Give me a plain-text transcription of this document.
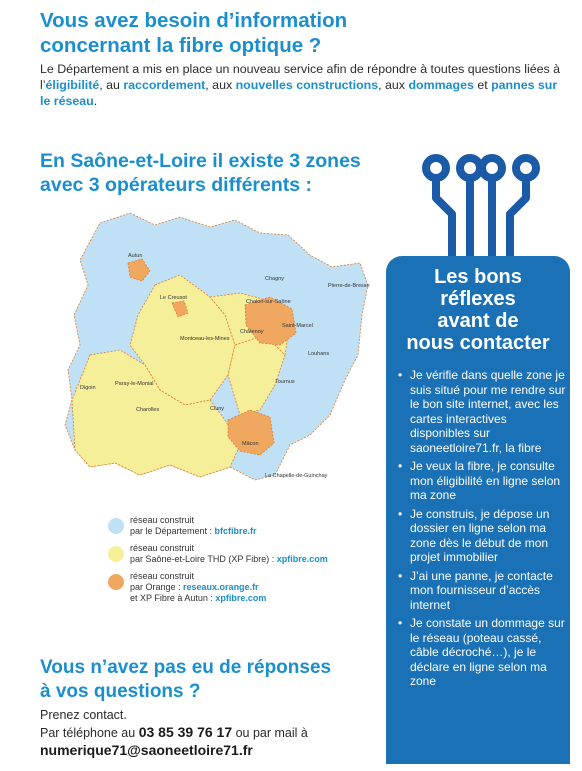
Vous avez besoin d’information
concernant la fibre optique ?

Le Département a mis en place un nouveau service afin de répondre à toutes questions liées à l’éligibilité, au raccordement, aux nouvelles constructions, aux dommages et pannes sur le réseau.

En Saône-et-Loire il existe 3 zones
avec 3 opérateurs différents :
Autun
Chalon-sur-Saône
Charolles
Louhans
Mâcon
Montceau-les-Mines
Paray-le-Monial
Digoin
Tournus
Cluny
Chagny
Le Creusot
Saint-Marcel
La Chapelle-de-Guinchay
Châtenoy
Pierre-de-Bresse
réseau construit
par le Département : bfcfibre.fr
réseau construit
par Saône-et-Loire THD (XP Fibre) : xpfibre.com
réseau construit
par Orange : reseaux.orange.fr
et XP Fibre à Autun : xpfibre.com
Vous n’avez pas eu de réponses
à vos questions ?
Prenez contact.
Par téléphone au 03 85 39 76 17 ou par mail à
numerique71@saoneetloire71.fr
Les bons
réflexes
avant de
nous contacter
• Je vérifie dans quelle zone je suis situé pour me rendre sur le bon site internet, avec les cartes interactives disponibles sur saoneetloire71.fr, la fibre
• Je veux la fibre, je consulte mon éligibilité en ligne selon ma zone
• Je construis, je dépose un dossier en ligne selon ma zone dès le début de mon projet immobilier
• J’ai une panne, je contacte mon fournisseur d’accès internet
• Je constate un dommage sur le réseau (poteau cassé, câble décroché…), je le déclare en ligne selon ma zone
